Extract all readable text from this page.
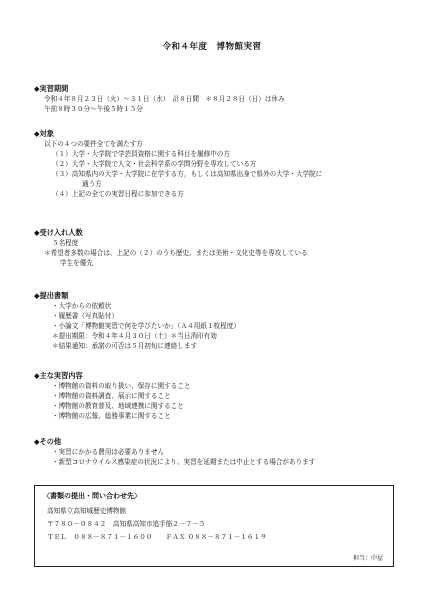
令和４年度　博物館実習
◆実習期間
令和４年８月２３日（火）～３１日（水）　計８日間　＊８月２８日（日）は休み
午前８時３０分～午後５時１５分
◆対象
以下の４つの要件全てを満たす方
（１）大学・大学院で学芸員資格に関する科目を履修中の方
（２）大学・大学院で人文・社会科学系の学問分野を専攻している方
（３）高知県内の大学・大学院に在学する方，もしくは高知県出身で県外の大学・大学院に
通う方
（４）上記の全ての実習日程に参加できる方
◆受け入れ人数
５名程度
＊希望者多数の場合は、上記の（２）のうち歴史、または美術・文化史等を専攻している
学生を優先
◆提出書類
・大学からの依頼状
・履歴書（写真貼付）
・小論文「博物館実習で何を学びたいか」（Ａ４用紙１枚程度）
＊提出期限：令和４年４月３０日（土）＊当日消印有効
＊結果通知：承諾の可否は５月初旬に連絡します
◆主な実習内容
・博物館の資料の取り扱い、保存に関すること
・博物館の資料調査、展示に関すること
・博物館の教育普及、地域連携に関すること
・博物館の広報、総務事業に関すること
◆その他
・実習にかかる費用は必要ありません
・新型コロナウイルス感染症の状況により、実習を延期または中止とする場合があります
〈書類の提出・問い合わせ先〉
高知県立高知城歴史博物館
〒７８０－０８４２　高知県高知市追手筋２－７－５
ＴＥＬ　０８８－８７１－１６００　　ＦＡＸ ０８８－８７１－１６１９
担当：中屋
